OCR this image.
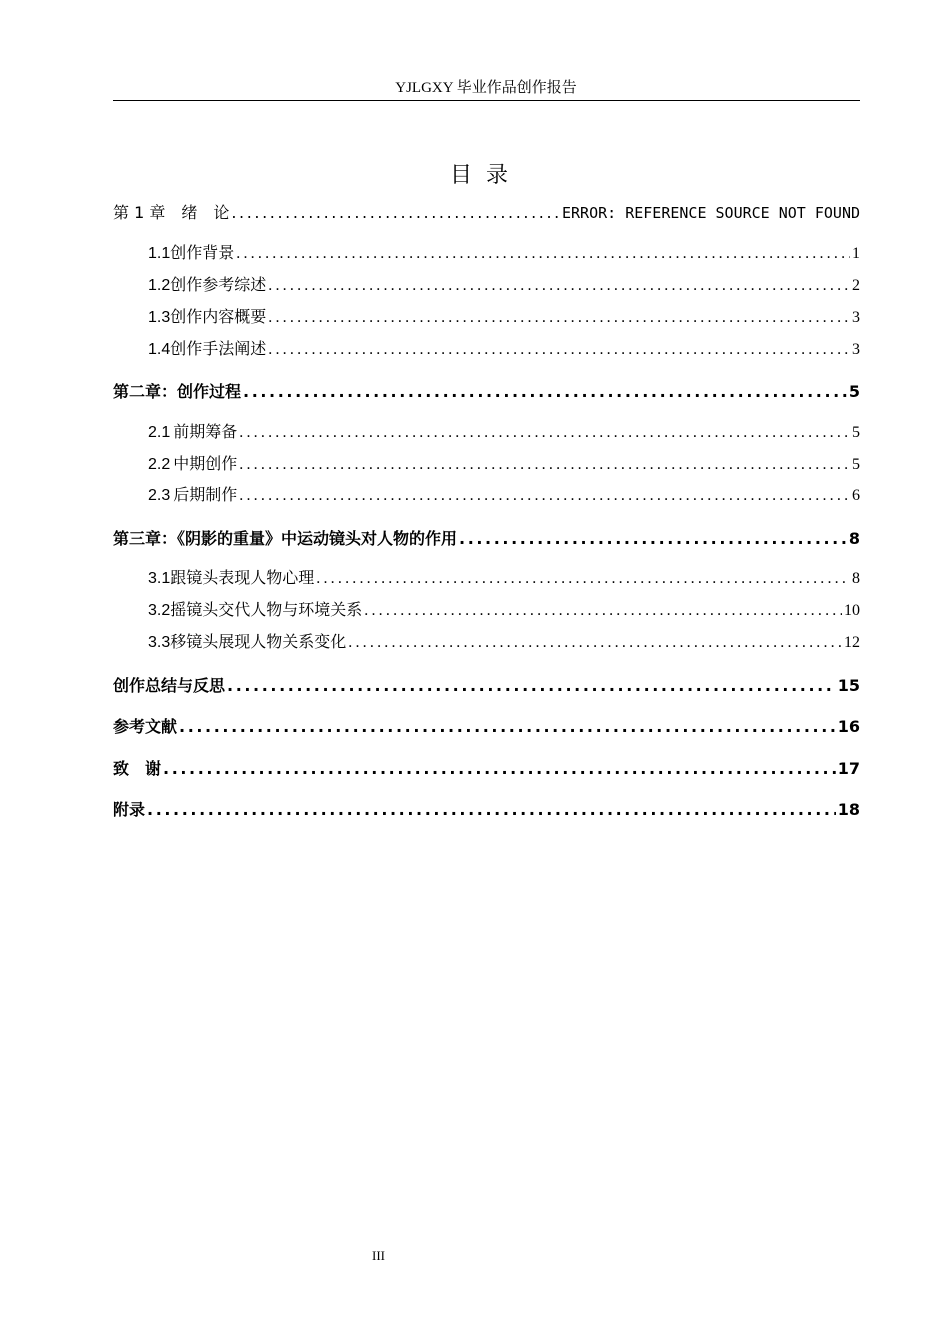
YJLGXY 毕业作品创作报告
目录
第 1 章　绪　论 .....	ERROR: REFERENCE SOURCE NOT FOUND
1.1 创作背景 .....	1
1.2 创作参考综述 .....	2
1.3 创作内容概要 .....	3
1.4 创作手法阐述 .....	3
第二章：创作过程 .....	5
2.1 前期筹备 .....	5
2.2 中期创作 .....	5
2.3 后期制作 .....	6
第三章：《阴影的重量》中运动镜头对人物的作用 .....	8
3.1 跟镜头表现人物心理 .....	8
3.2 摇镜头交代人物与环境关系 .....	10
3.3 移镜头展现人物关系变化 .....	12
创作总结与反思 .....	15
参考文献 .....	16
致　谢 .....	17
附录 .....	18
III
